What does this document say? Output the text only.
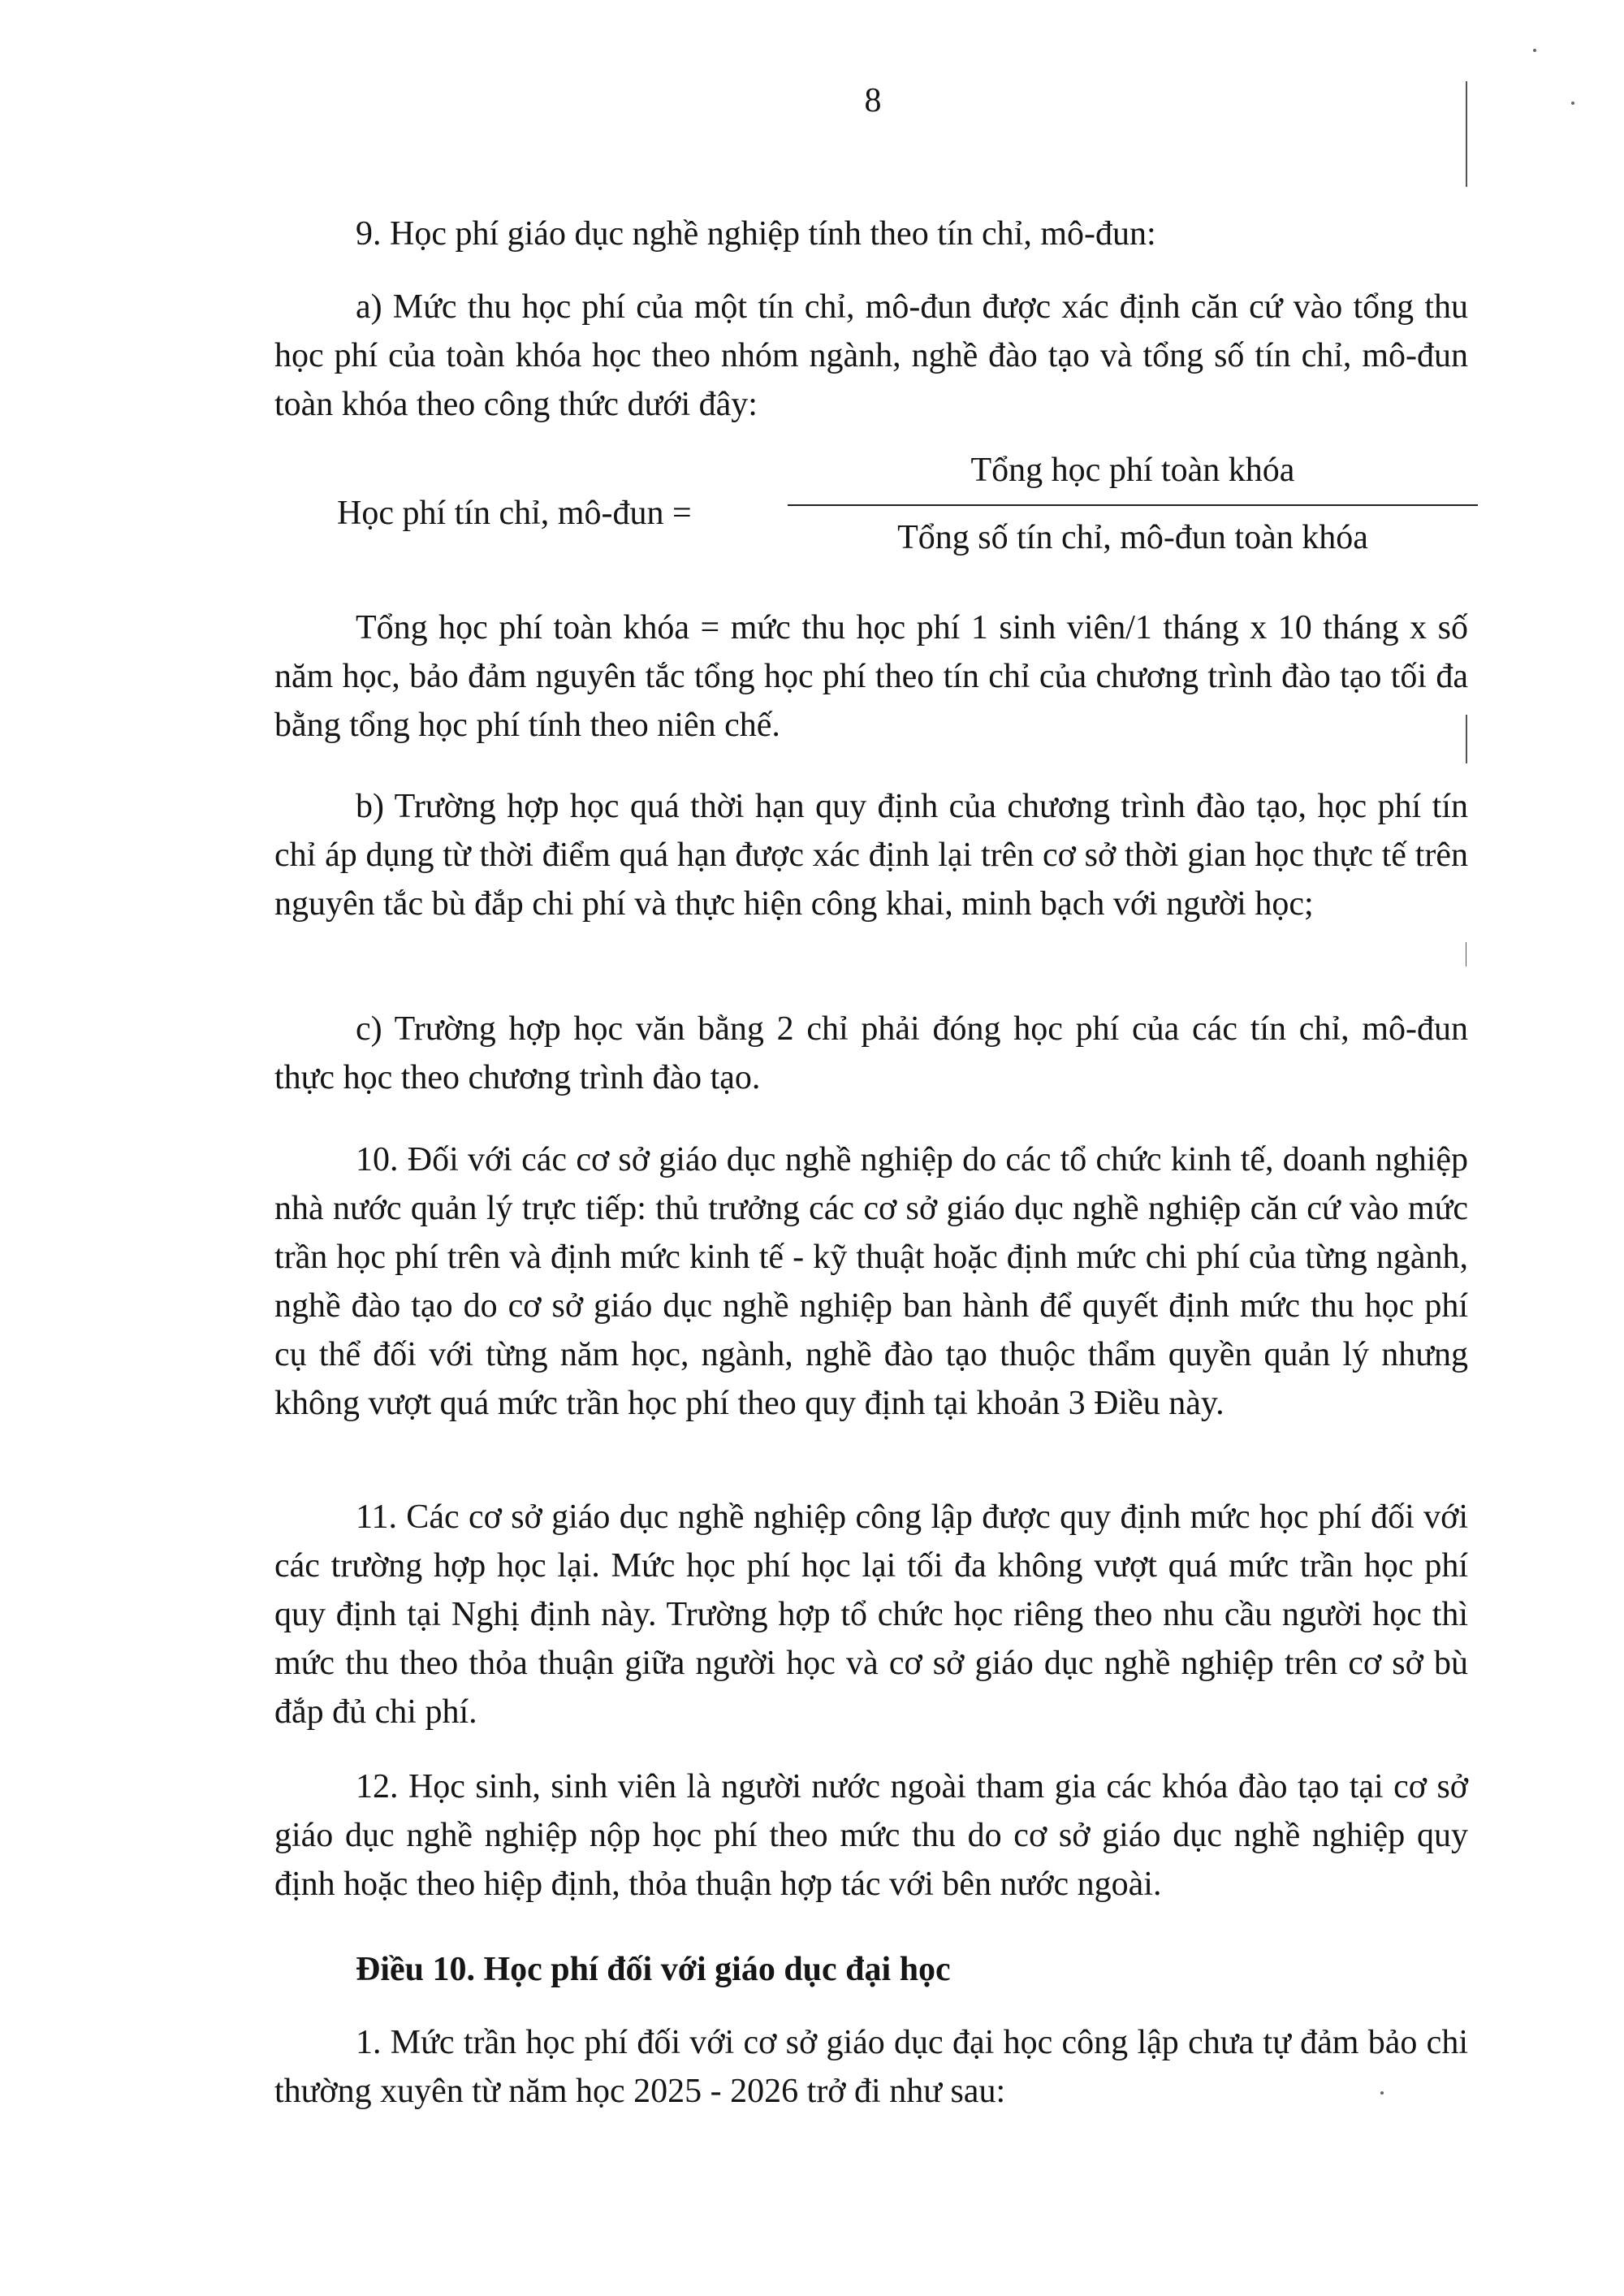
8

9. Học phí giáo dục nghề nghiệp tính theo tín chỉ, mô-đun:

a) Mức thu học phí của một tín chỉ, mô-đun được xác định căn cứ vào tổng thu học phí của toàn khóa học theo nhóm ngành, nghề đào tạo và tổng số tín chỉ, mô-đun toàn khóa theo công thức dưới đây:

Học phí tín chỉ, mô-đun =
Tổng học phí toàn khóa
Tổng số tín chỉ, mô-đun toàn khóa

Tổng học phí toàn khóa = mức thu học phí 1 sinh viên/1 tháng x 10 tháng x số năm học, bảo đảm nguyên tắc tổng học phí theo tín chỉ của chương trình đào tạo tối đa bằng tổng học phí tính theo niên chế.

b) Trường hợp học quá thời hạn quy định của chương trình đào tạo, học phí tín chỉ áp dụng từ thời điểm quá hạn được xác định lại trên cơ sở thời gian học thực tế trên nguyên tắc bù đắp chi phí và thực hiện công khai, minh bạch với người học;

c) Trường hợp học văn bằng 2 chỉ phải đóng học phí của các tín chỉ, mô-đun thực học theo chương trình đào tạo.

10. Đối với các cơ sở giáo dục nghề nghiệp do các tổ chức kinh tế, doanh nghiệp nhà nước quản lý trực tiếp: thủ trưởng các cơ sở giáo dục nghề nghiệp căn cứ vào mức trần học phí trên và định mức kinh tế - kỹ thuật hoặc định mức chi phí của từng ngành, nghề đào tạo do cơ sở giáo dục nghề nghiệp ban hành để quyết định mức thu học phí cụ thể đối với từng năm học, ngành, nghề đào tạo thuộc thẩm quyền quản lý nhưng không vượt quá mức trần học phí theo quy định tại khoản 3 Điều này.

11. Các cơ sở giáo dục nghề nghiệp công lập được quy định mức học phí đối với các trường hợp học lại. Mức học phí học lại tối đa không vượt quá mức trần học phí quy định tại Nghị định này. Trường hợp tổ chức học riêng theo nhu cầu người học thì mức thu theo thỏa thuận giữa người học và cơ sở giáo dục nghề nghiệp trên cơ sở bù đắp đủ chi phí.

12. Học sinh, sinh viên là người nước ngoài tham gia các khóa đào tạo tại cơ sở giáo dục nghề nghiệp nộp học phí theo mức thu do cơ sở giáo dục nghề nghiệp quy định hoặc theo hiệp định, thỏa thuận hợp tác với bên nước ngoài.

Điều 10. Học phí đối với giáo dục đại học

1. Mức trần học phí đối với cơ sở giáo dục đại học công lập chưa tự đảm bảo chi thường xuyên từ năm học 2025 - 2026 trở đi như sau:
